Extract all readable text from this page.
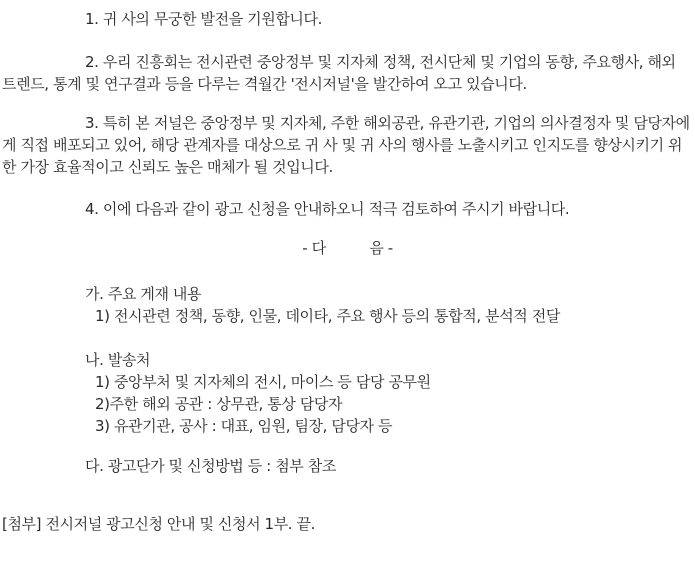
1. 귀 사의 무궁한 발전을 기원합니다.

2. 우리 진흥회는 전시관련 중앙정부 및 지자체 정책, 전시단체 및 기업의 동향, 주요행사, 해외 트렌드, 통계 및 연구결과 등을 다루는 격월간 '전시저널'을 발간하여 오고 있습니다.

3. 특히 본 저널은 중앙정부 및 지자체, 주한 해외공관, 유관기관, 기업의 의사결정자 및 담당자에게 직접 배포되고 있어, 해당 관계자를 대상으로 귀 사 및 귀 사의 행사를 노출시키고 인지도를 향상시키기 위한 가장 효율적이고 신뢰도 높은 매체가 될 것입니다.

4. 이에 다음과 같이 광고 신청을 안내하오니 적극 검토하여 주시기 바랍니다.

- 다          음 -
가. 주요 게재 내용
1) 전시관련 정책, 동향, 인물, 데이타, 주요 행사 등의 통합적, 분석적 전달
나. 발송처
1) 중앙부처 및 지자체의 전시, 마이스 등 담당 공무원
2)주한 해외 공관 : 상무관, 통상 담당자
3) 유관기관, 공사 : 대표, 임원, 팀장, 담당자 등
다. 광고단가 및 신청방법 등 : 첨부 참조
[첨부] 전시저널 광고신청 안내 및 신청서 1부. 끝.
